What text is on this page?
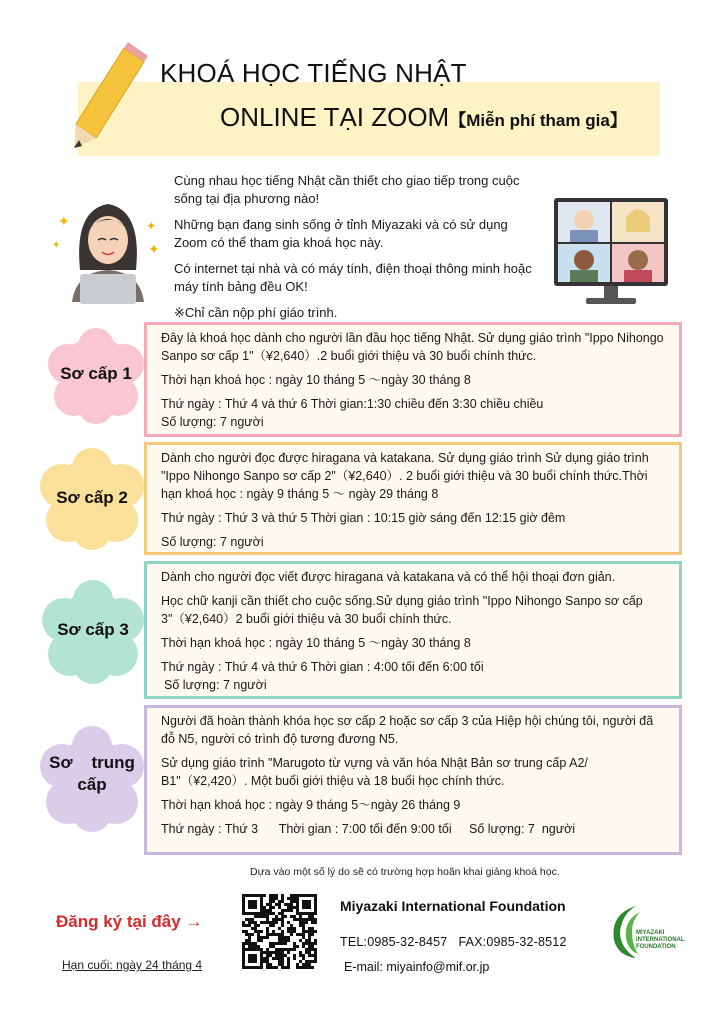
KHOÁ HỌC TIẾNG NHẬT
ONLINE TẠI ZOOM【Miễn phí tham gia】
✦
✦
✦
✦

Cùng nhau học tiếng Nhật cần thiết cho giao tiếp trong cuộc sống tại địa phương nào!

Những bạn đang sinh sống ở tỉnh Miyazaki và có sử dụng Zoom có thể tham gia khoá học này.

Có internet tại nhà và có máy tính, điện thoại thông minh hoặc máy tính bảng đều OK!

※Chỉ cần nộp phí giáo trình.

Sơ cấp 1

Đây là khoá học dành cho người lần đầu học tiếng Nhật. Sử dụng giáo trình "Ippo Nihongo Sanpo sơ cấp 1"（¥2,640）.2 buổi giới thiệu và 30 buổi chính thức.

Thời hạn khoá học : ngày 10 tháng 5 ～ngày 30 tháng 8

Thứ ngày : Thứ 4 và thứ 6 Thời gian:1:30 chiều đến 3:30 chiều chiều

Số lượng: 7 người

Sơ cấp 2

Dành cho người đọc được hiragana và katakana. Sử dụng giáo trình Sử dụng giáo trình "Ippo Nihongo Sanpo sơ cấp 2"（¥2,640）. 2 buổi giới thiệu và 30 buổi chính thức.Thời hạn khoá học : ngày 9 tháng 5 ～ ngày 29 tháng 8

Thứ ngày : Thứ 3 và thứ 5 Thời gian : 10:15 giờ sáng đến 12:15 giờ đêm

Số lượng: 7 người

Sơ cấp 3

Dành cho người đọc viết được hiragana và katakana và có thể hội thoại đơn giản.

Học chữ kanji cần thiết cho cuộc sống.Sử dụng giáo trình "Ippo Nihongo Sanpo sơ cấp 3"（¥2,640）2 buổi giới thiệu và 30 buổi chính thức.

Thời hạn khoá học : ngày 10 tháng 5 ～ngày 30 tháng 8

Thứ ngày : Thứ 4 và thứ 6 Thời gian : 4:00 tối đến 6:00 tối

Số lượng: 7 người

Sơ    trung
cấp

Người đã hoàn thành khóa học sơ cấp 2 hoặc sơ cấp 3 của Hiệp hội chúng tôi, người đã đỗ N5, người có trình độ tương đương N5.

Sử dụng giáo trình "Marugoto từ vựng và văn hóa Nhật Bản sơ trung cấp A2/ B1"（¥2,420）. Một buổi giới thiệu và 18 buổi học chính thức.

Thời hạn khoá học : ngày 9 tháng 5～ngày 26 tháng 9

Thứ ngày : Thứ 3      Thời gian : 7:00 tối đến 9:00 tối     Số lượng: 7  người

Dựa vào một số lý do sẽ có trường hợp hoãn khai giảng khoá học.
Đăng ký tại đây →
Hạn cuối: ngày 24 tháng 4
Miyazaki International Foundation
TEL:0985-32-8457   FAX:0985-32-8512
E-mail: miyainfo@mif.or.jp
MIYAZAKI INTERNATIONAL FOUNDATION
